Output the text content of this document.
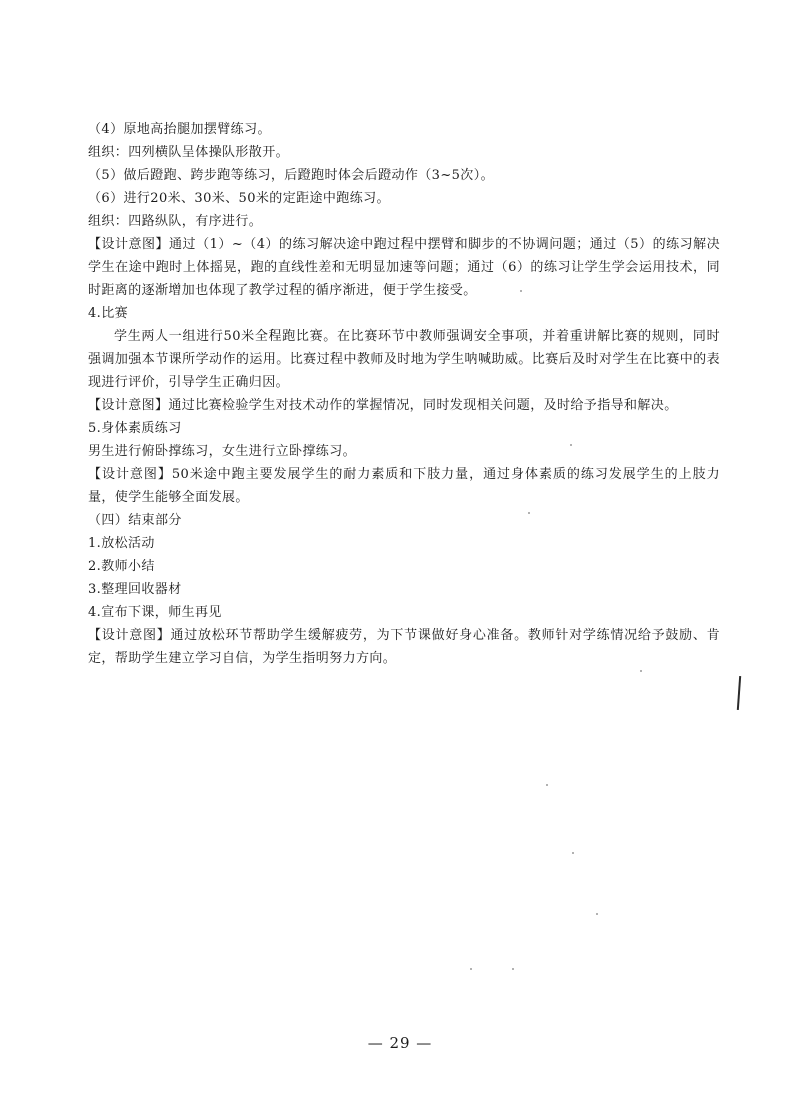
（4）原地高抬腿加摆臂练习。

组织：四列横队呈体操队形散开。

（5）做后蹬跑、跨步跑等练习，后蹬跑时体会后蹬动作（3~5次）。

（6）进行20米、30米、50米的定距途中跑练习。

组织：四路纵队，有序进行。

【设计意图】通过（1）~（4）的练习解决途中跑过程中摆臂和脚步的不协调问题；通过（5）的练习解决学生在途中跑时上体摇晃，跑的直线性差和无明显加速等问题；通过（6）的练习让学生学会运用技术，同时距离的逐渐增加也体现了教学过程的循序渐进，便于学生接受。

4.比赛

学生两人一组进行50米全程跑比赛。在比赛环节中教师强调安全事项，并着重讲解比赛的规则，同时强调加强本节课所学动作的运用。比赛过程中教师及时地为学生呐喊助威。比赛后及时对学生在比赛中的表现进行评价，引导学生正确归因。

【设计意图】通过比赛检验学生对技术动作的掌握情况，同时发现相关问题，及时给予指导和解决。

5.身体素质练习

男生进行俯卧撑练习，女生进行立卧撑练习。

【设计意图】50米途中跑主要发展学生的耐力素质和下肢力量，通过身体素质的练习发展学生的上肢力量，使学生能够全面发展。

（四）结束部分

1.放松活动

2.教师小结

3.整理回收器材

4.宣布下课，师生再见

【设计意图】通过放松环节帮助学生缓解疲劳，为下节课做好身心准备。教师针对学练情况给予鼓励、肯定，帮助学生建立学习自信，为学生指明努力方向。

— 29 —
